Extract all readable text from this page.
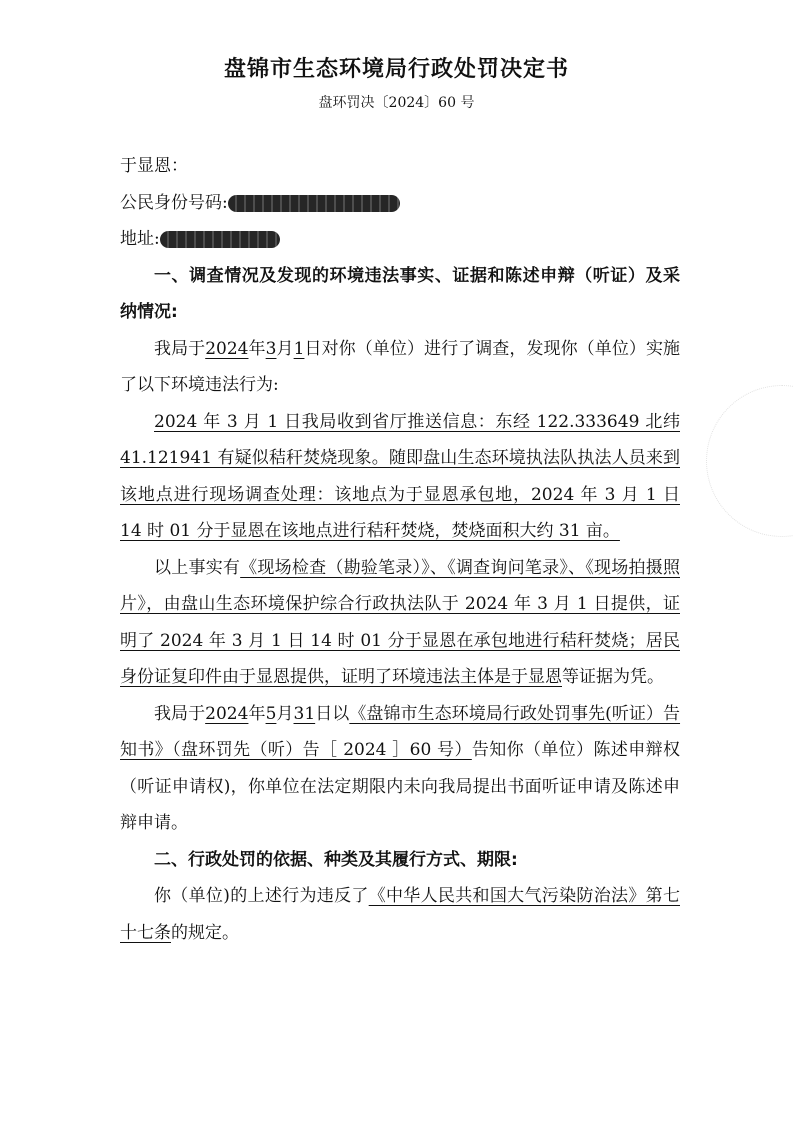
盘锦市生态环境局行政处罚决定书
盘环罚决〔2024〕60 号

于显恩：

公民身份号码:

地址:

一、调查情况及发现的环境违法事实、证据和陈述申辩（听证）及采纳情况:

我局于2024年3月1日对你（单位）进行了调查，发现你（单位）实施了以下环境违法行为:

2024 年 3 月 1 日我局收到省厅推送信息：东经 122.333649 北纬 41.121941 有疑似秸秆焚烧现象。随即盘山生态环境执法队执法人员来到该地点进行现场调查处理：该地点为于显恩承包地，2024 年 3 月 1 日 14 时 01 分于显恩在该地点进行秸秆焚烧，焚烧面积大约 31 亩。

以上事实有《现场检查（勘验笔录）》、《调查询问笔录》、《现场拍摄照片》，由盘山生态环境保护综合行政执法队于 2024 年 3 月 1 日提供，证明了 2024 年 3 月 1 日 14 时 01 分于显恩在承包地进行秸秆焚烧；居民身份证复印件由于显恩提供，证明了环境违法主体是于显恩等证据为凭。

我局于2024年5月31日以《盘锦市生态环境局行政处罚事先(听证）告知书》（盘环罚先（听）告［ 2024 ］60 号）告知你（单位）陈述申辩权（听证申请权)，你单位在法定期限内未向我局提出书面听证申请及陈述申辩申请。

二、行政处罚的依据、种类及其履行方式、期限:

你（单位)的上述行为违反了《中华人民共和国大气污染防治法》第七十七条的规定。
